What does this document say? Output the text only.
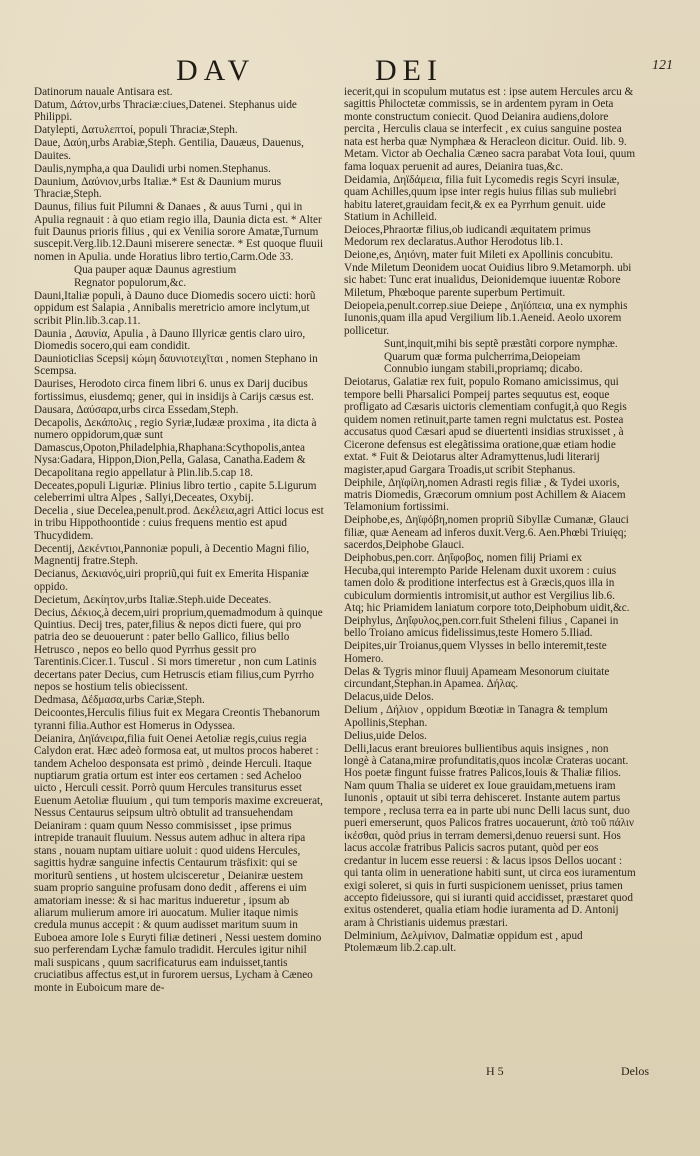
DAV	DEI	121

Datinorum nauale Antisara est.

Datum, Δάτον,urbs Thraciæ:ciues,Datenei. Stephanus uide Philippi.

Datylepti, Δατυλεπτοί, populi Thraciæ,Steph.

Daue, Δαύη,urbs Arabiæ,Steph. Gentilia, Dauæus, Dauenus, Dauites.

Daulis,nympha,a qua Daulidi urbi nomen.Stephanus.

Daunium, Δαύνιον,urbs Italiæ.* Est & Daunium murus Thraciæ,Steph.

Daunus, filius fuit Pilumni & Danaes , & auus Turni , qui in Apulia regnauit : à quo etiam regio illa, Daunia dicta est. * Alter fuit Daunus prioris filius , qui ex Venilia sorore Amatæ,Turnum suscepit.Verg.lib.12.Dauni miserere senectæ. * Est quoque fluuii nomen in Apulia. unde Horatius libro tertio,Carm.Ode 33.

Qua pauper aquæ Daunus agrestium

Regnator populorum,&c.

Dauni,Italiæ populi, à Dauno duce Diomedis socero uicti: horũ oppidum est Salapia , Annibalis meretricio amore inclytum,ut scribit Plin.lib.3.cap.11.

Daunia , Δαυνία, Apulia , à Dauno Illyricæ gentis claro uiro, Diomedis socero,qui eam condidit.

Daunioticlias Scepsij κώμη δαυνιοτειχῖται , nomen Stephano in Scempsa.

Daurises, Herodoto circa finem libri 6. unus ex Darij ducibus fortissimus, eiusdemq; gener, qui in insidijs à Carijs cæsus est.

Dausara, Δαύσαρα,urbs circa Essedam,Steph.

Decapolis, Δεκάπολις , regio Syriæ,Iudææ proxima , ita dicta à numero oppidorum,quæ sunt Damascus,Opoton,Philadelphia,Rhaphana:Scythopolis,antea Nysa:Gadara, Hippon,Dion,Pella, Galasa, Canatha.Eadem & Decapolitana regio appellatur à Plin.lib.5.cap 18.

Deceates,populi Liguriæ. Plinius libro tertio , capite 5.Ligurum celeberrimi ultra Alpes , Sallyi,Deceates, Oxybij.

Decelia , siue Decelea,penult.prod. Δεκέλεια,agri Attici locus est in tribu Hippothoontide : cuius frequens mentio est apud Thucydidem.

Decentij, Δεκέντιοι,Pannoniæ populi, à Decentio Magni filio, Magnentij fratre.Steph.

Decianus, Δεκιανός,uiri propriũ,qui fuit ex Emerita Hispaniæ oppido.

Decietum, Δεκίητον,urbs Italiæ.Steph.uide Deceates.

Decius, Δέκιος,à decem,uiri proprium,quemadmodum à quinque Quintius. Decij tres, pater,filius & nepos dicti fuere, qui pro patria deo se deuouerunt : pater bello Gallico, filius bello Hetrusco , nepos eo bello quod Pyrrhus gessit pro Tarentinis.Cicer.1. Tuscul . Si mors timeretur , non cum Latinis decertans pater Decius, cum Hetruscis etiam filius,cum Pyrrho nepos se hostium telis obiecissent.

Dedmasa, Δέδμασα,urbs Cariæ,Steph.

Deicoontes,Herculis filius fuit ex Megara Creontis Thebanorum tyranni filia.Author est Homerus in Odyssea.

Deianira, Δηϊάνειρα,filia fuit Oenei Aetoliæ regis,cuius regia Calydon erat. Hæc adeò formosa eat, ut multos procos haberet : tandem Acheloo desponsata est primò , deinde Herculi. Itaque nuptiarum gratia ortum est inter eos certamen : sed Acheloo uicto , Herculi cessit. Porrò quum Hercules transiturus esset Euenum Aetoliæ fluuium , qui tum temporis maxime excreuerat, Nessus Centaurus seipsum ultrò obtulit ad transuehendam Deianiram : quam quum Nesso commisisset , ipse primus intrepide tranauit fluuium. Nessus autem adhuc in altera ripa stans , nouam nuptam uitiare uoluit : quod uidens Hercules, sagittis hydræ sanguine infectis Centaurum träsfixit: qui se moriturũ sentiens , ut hostem ulcisceretur , Deianiræ uestem suam proprio sanguine profusam dono dedit , afferens ei uim amatoriam inesse: & si hac maritus indueretur , ipsum ab aliarum mulierum amore iri auocatum. Mulier itaque nimis credula munus accepit : & quum audisset maritum suum in Euboea amore Iole s Euryti filiæ detineri , Nessi uestem domino suo perferendam Lychæ famulo tradidit. Hercules igitur nihil mali suspicans , quum sacrificaturus eam induisset,tantis cruciatibus affectus est,ut in furorem uersus, Lycham à Cæneo monte in Euboicum mare de-

iecerit,qui in scopulum mutatus est : ipse autem Hercules arcu & sagittis Philoctetæ commissis, se in ardentem pyram in Oeta monte constructum coniecit. Quod Deianira audiens,dolore percita , Herculis claua se interfecit , ex cuius sanguine postea nata est herba quæ Nymphæa & Heracleon dicitur. Ouid. lib. 9. Metam. Victor ab Oechalia Cæneo sacra parabat Vota Ioui, quum fama loquax peruenit ad aures, Deianira tuas,&c.

Deidamia, Δηϊδάμεια, filia fuit Lycomedis regis Scyri insulæ, quam Achilles,quum ipse inter regis huius filias sub muliebri habitu lateret,grauidam fecit,& ex ea Pyrrhum genuit. uide Statium in Achilleid.

Deioces,Phraortæ filius,ob iudicandi æquitatem primus Medorum rex declaratus.Author Herodotus lib.1.

Deione,es, Δηιόνη, mater fuit Mileti ex Apollinis concubitu. Vnde Miletum Deonidem uocat Ouidius libro 9.Metamorph. ubi sic habet: Tunc erat inualidus, Deionidemque iuuentæ Robore Miletum, Phœboque parente superbum Pertimuit.

Deiopeia,penult.correp.siue Deiepe , Δηϊόπεια, una ex nymphis Iunonis,quam illa apud Vergilium lib.1.Aeneid. Aeolo uxorem pollicetur.

Sunt,inquit,mihi bis septẽ præstãti corpore nymphæ.

Quarum quæ forma pulcherrima,Deiopeiam

Connubio iungam stabili,propriamq; dicabo.

Deiotarus, Galatiæ rex fuit, populo Romano amicissimus, qui tempore belli Pharsalici Pompeij partes sequutus est, eoque profligato ad Cæsaris uictoris clementiam confugit,à quo Regis quidem nomen retinuit,parte tamen regni mulctatus est. Postea accusatus quod Cæsari apud se diuertenti insidias struxisset , à Cicerone defensus est elegãtissima oratione,quæ etiam hodie extat. * Fuit & Deiotarus alter Adramyttenus,ludi literarij magister,apud Gargara Troadis,ut scribit Stephanus.

Deiphile, Δηϊφίλη,nomen Adrasti regis filiæ , & Tydei uxoris, matris Diomedis, Græcorum omnium post Achillem & Aiacem Telamonium fortissimi.

Deiphobe,es, Δηϊφόβη,nomen propriũ Sibyllæ Cumanæ, Glauci filiæ, quæ Aeneam ad inferos duxit.Verg.6. Aen.Phœbi Triuięq; sacerdos,Deiphobe Glauci.

Deiphobus,pen.corr. Δηΐφοβος, nomen filij Priami ex Hecuba,qui interempto Paride Helenam duxit uxorem : cuius tamen dolo & proditione interfectus est à Græcis,quos illa in cubiculum dormientis intromisit,ut author est Vergilius lib.6. Atq; hic Priamidem laniatum corpore toto,Deiphobum uidit,&c.

Deiphylus, Δηΐφυλος,pen.corr.fuit Stheleni filius , Capanei in bello Troiano amicus fidelissimus,teste Homero 5.Iliad.

Deipites,uir Troianus,quem Vlysses in bello interemit,teste Homero.

Delas & Tygris minor fluuij Apameam Mesonorum ciuitate circundant,Stephan.in Apamea. Δήλας.

Delacus,uide Delos.

Delium , Δήλιον , oppidum Bœotiæ in Tanagra & templum Apollinis,Stephan.

Delius,uide Delos.

Delli,lacus erant breuiores bullientibus aquis insignes , non longè à Catana,miræ profunditatis,quos incolæ Crateras uocant. Hos poetæ fingunt fuisse fratres Palicos,Iouis & Thaliæ filios. Nam quum Thalia se uideret ex Ioue grauidam,metuens iram Iunonis , optauit ut sibi terra dehisceret. Instante autem partus tempore , reclusa terra ea in parte ubi nunc Delli lacus sunt, duo pueri emerserunt, quos Palicos fratres uocauerunt, ἀπὸ τοῦ πάλιν ἰκέσθαι, quòd prius in terram demersi,denuo reuersi sunt. Hos lacus accolæ fratribus Palicis sacros putant, quòd per eos credantur in lucem esse reuersi : & lacus ipsos Dellos uocant : qui tanta olim in ueneratione habiti sunt, ut circa eos iuramentum exigi soleret, si quis in furti suspicionem uenisset, prius tamen accepto fideiussore, qui si iuranti quid accidisset, præstaret quod exitus ostenderet, qualia etiam hodie iuramenta ad D. Antonij aram à Christianis uidemus præstari.

Delminium, Δελμίνιον, Dalmatiæ oppidum est , apud Ptolemæum lib.2.cap.ult.

H 5	Delos
